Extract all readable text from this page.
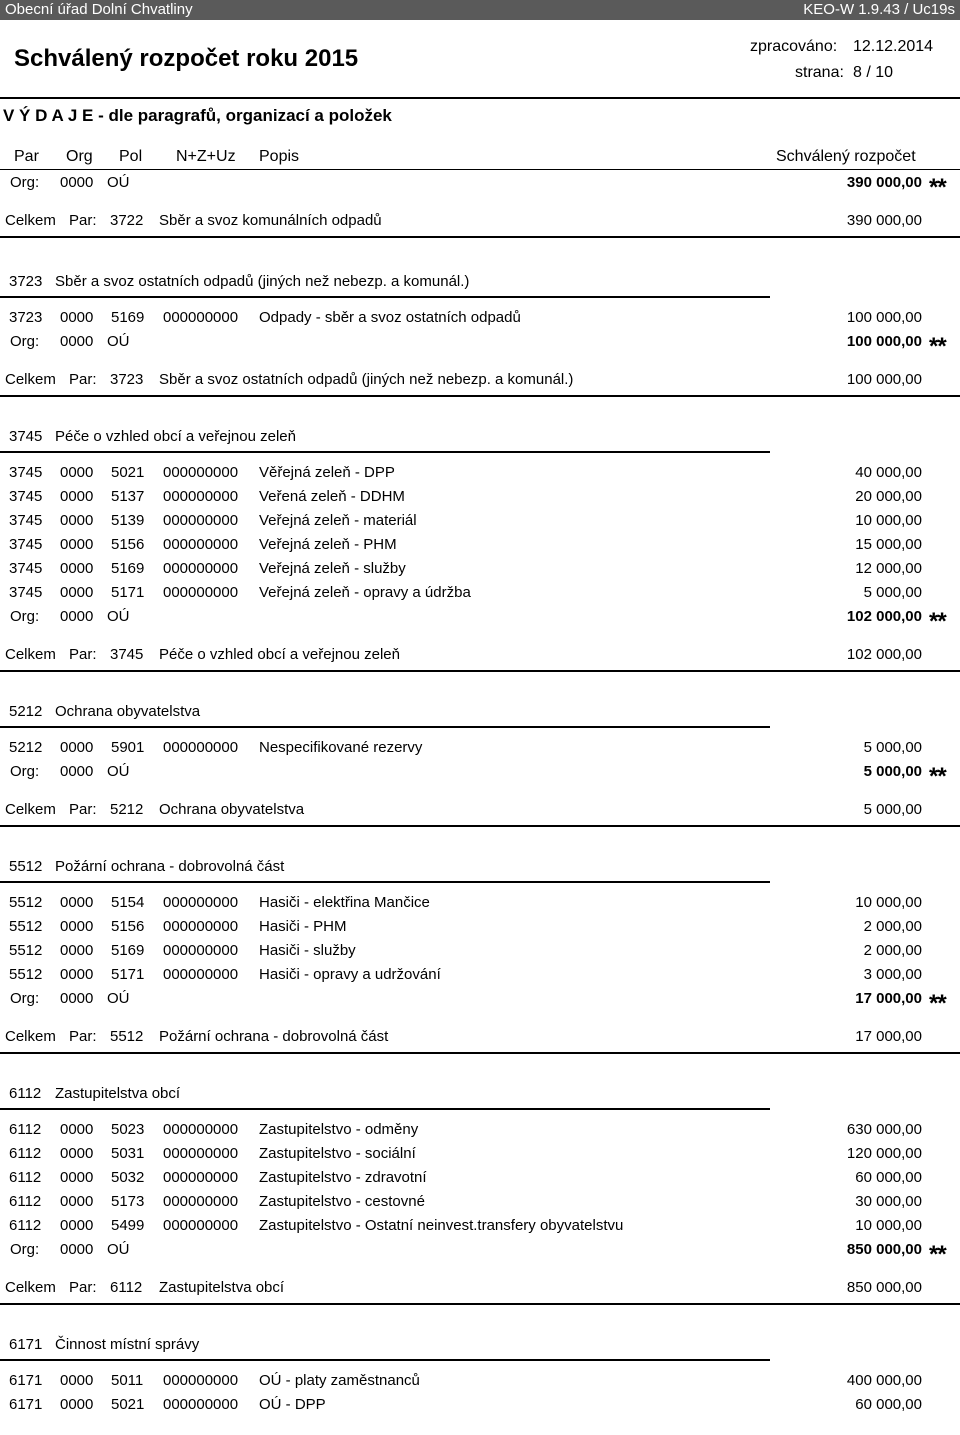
Obecní úřad Dolní Chvatliny	KEO-W 1.9.43 / Uc19s
Schválený rozpočet roku 2015	zpracováno: 12.12.2014
strana: 8 / 10
V Ý D A J E - dle paragrafů, organizací a položek
Par Org Pol N+Z+Uz Popis	Schválený rozpočet
Org: 0000 OÚ	390 000,00 **
Celkem Par: 3722 Sběr a svoz komunálních odpadů	390 000,00
3723 Sběr a svoz ostatních odpadů (jiných než nebezp. a komunál.)
3723 0000 5169 000000000 Odpady - sběr a svoz ostatních odpadů	100 000,00
Org: 0000 OÚ	100 000,00 **
Celkem Par: 3723 Sběr a svoz ostatních odpadů (jiných než nebezp. a komunál.)	100 000,00
3745 Péče o vzhled obcí a veřejnou zeleň
3745 0000 5021 000000000 Věřejná zeleň - DPP	40 000,00
3745 0000 5137 000000000 Veřená zeleň - DDHM	20 000,00
3745 0000 5139 000000000 Veřejná zeleň - materiál	10 000,00
3745 0000 5156 000000000 Veřejná zeleň - PHM	15 000,00
3745 0000 5169 000000000 Veřejná zeleň - služby	12 000,00
3745 0000 5171 000000000 Veřejná zeleň - opravy a údržba	5 000,00
Org: 0000 OÚ	102 000,00 **
Celkem Par: 3745 Péče o vzhled obcí a veřejnou zeleň	102 000,00
5212 Ochrana obyvatelstva
5212 0000 5901 000000000 Nespecifikované rezervy	5 000,00
Org: 0000 OÚ	5 000,00 **
Celkem Par: 5212 Ochrana obyvatelstva	5 000,00
5512 Požární ochrana - dobrovolná část
5512 0000 5154 000000000 Hasiči - elektřina Mančice	10 000,00
5512 0000 5156 000000000 Hasiči - PHM	2 000,00
5512 0000 5169 000000000 Hasiči - služby	2 000,00
5512 0000 5171 000000000 Hasiči - opravy a udržování	3 000,00
Org: 0000 OÚ	17 000,00 **
Celkem Par: 5512 Požární ochrana - dobrovolná část	17 000,00
6112 Zastupitelstva obcí
6112 0000 5023 000000000 Zastupitelstvo - odměny	630 000,00
6112 0000 5031 000000000 Zastupitelstvo - sociální	120 000,00
6112 0000 5032 000000000 Zastupitelstvo - zdravotní	60 000,00
6112 0000 5173 000000000 Zastupitelstvo - cestovné	30 000,00
6112 0000 5499 000000000 Zastupitelstvo - Ostatní neinvest.transfery obyvatelstvu	10 000,00
Org: 0000 OÚ	850 000,00 **
Celkem Par: 6112 Zastupitelstva obcí	850 000,00
6171 Činnost místní správy
6171 0000 5011 000000000 OÚ - platy zaměstnanců	400 000,00
6171 0000 5021 000000000 OÚ - DPP	60 000,00
